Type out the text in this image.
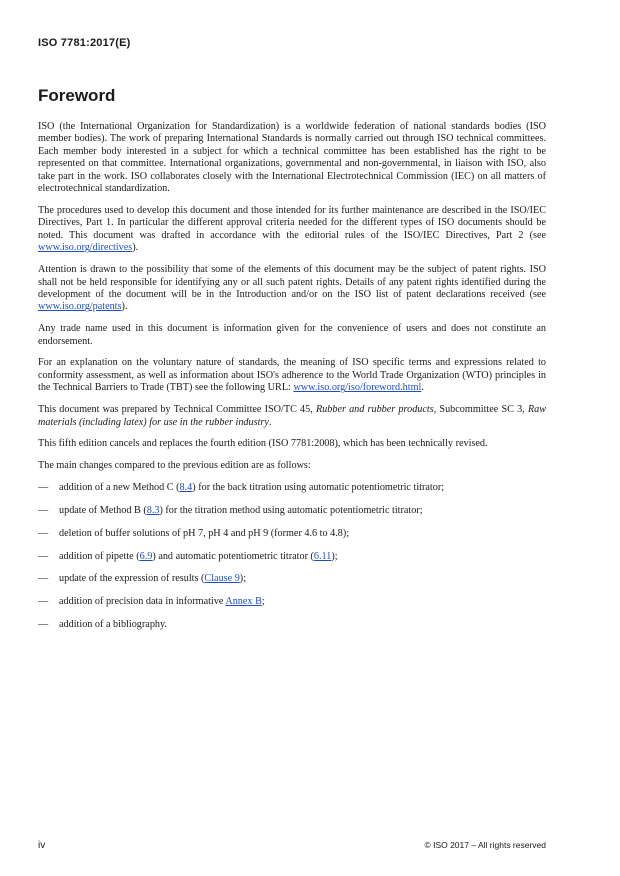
ISO 7781:2017(E)
Foreword

ISO (the International Organization for Standardization) is a worldwide federation of national standards bodies (ISO member bodies). The work of preparing International Standards is normally carried out through ISO technical committees. Each member body interested in a subject for which a technical committee has been established has the right to be represented on that committee. International organizations, governmental and non-governmental, in liaison with ISO, also take part in the work. ISO collaborates closely with the International Electrotechnical Commission (IEC) on all matters of electrotechnical standardization.

The procedures used to develop this document and those intended for its further maintenance are described in the ISO/IEC Directives, Part 1. In particular the different approval criteria needed for the different types of ISO documents should be noted. This document was drafted in accordance with the editorial rules of the ISO/IEC Directives, Part 2 (see www.iso.org/directives).

Attention is drawn to the possibility that some of the elements of this document may be the subject of patent rights. ISO shall not be held responsible for identifying any or all such patent rights. Details of any patent rights identified during the development of the document will be in the Introduction and/or on the ISO list of patent declarations received (see www.iso.org/patents).

Any trade name used in this document is information given for the convenience of users and does not constitute an endorsement.

For an explanation on the voluntary nature of standards, the meaning of ISO specific terms and expressions related to conformity assessment, as well as information about ISO's adherence to the World Trade Organization (WTO) principles in the Technical Barriers to Trade (TBT) see the following URL: www.iso.org/iso/foreword.html.

This document was prepared by Technical Committee ISO/TC 45, Rubber and rubber products, Subcommittee SC 3, Raw materials (including latex) for use in the rubber industry.

This fifth edition cancels and replaces the fourth edition (ISO 7781:2008), which has been technically revised.

The main changes compared to the previous edition are as follows:

— addition of a new Method C (8.4) for the back titration using automatic potentiometric titrator;
— update of Method B (8.3) for the titration method using automatic potentiometric titrator;
— deletion of buffer solutions of pH 7, pH 4 and pH 9 (former 4.6 to 4.8);
— addition of pipette (6.9) and automatic potentiometric titrator (6.11);
— update of the expression of results (Clause 9);
— addition of precision data in informative Annex B;
— addition of a bibliography.
iv	© ISO 2017 – All rights reserved
